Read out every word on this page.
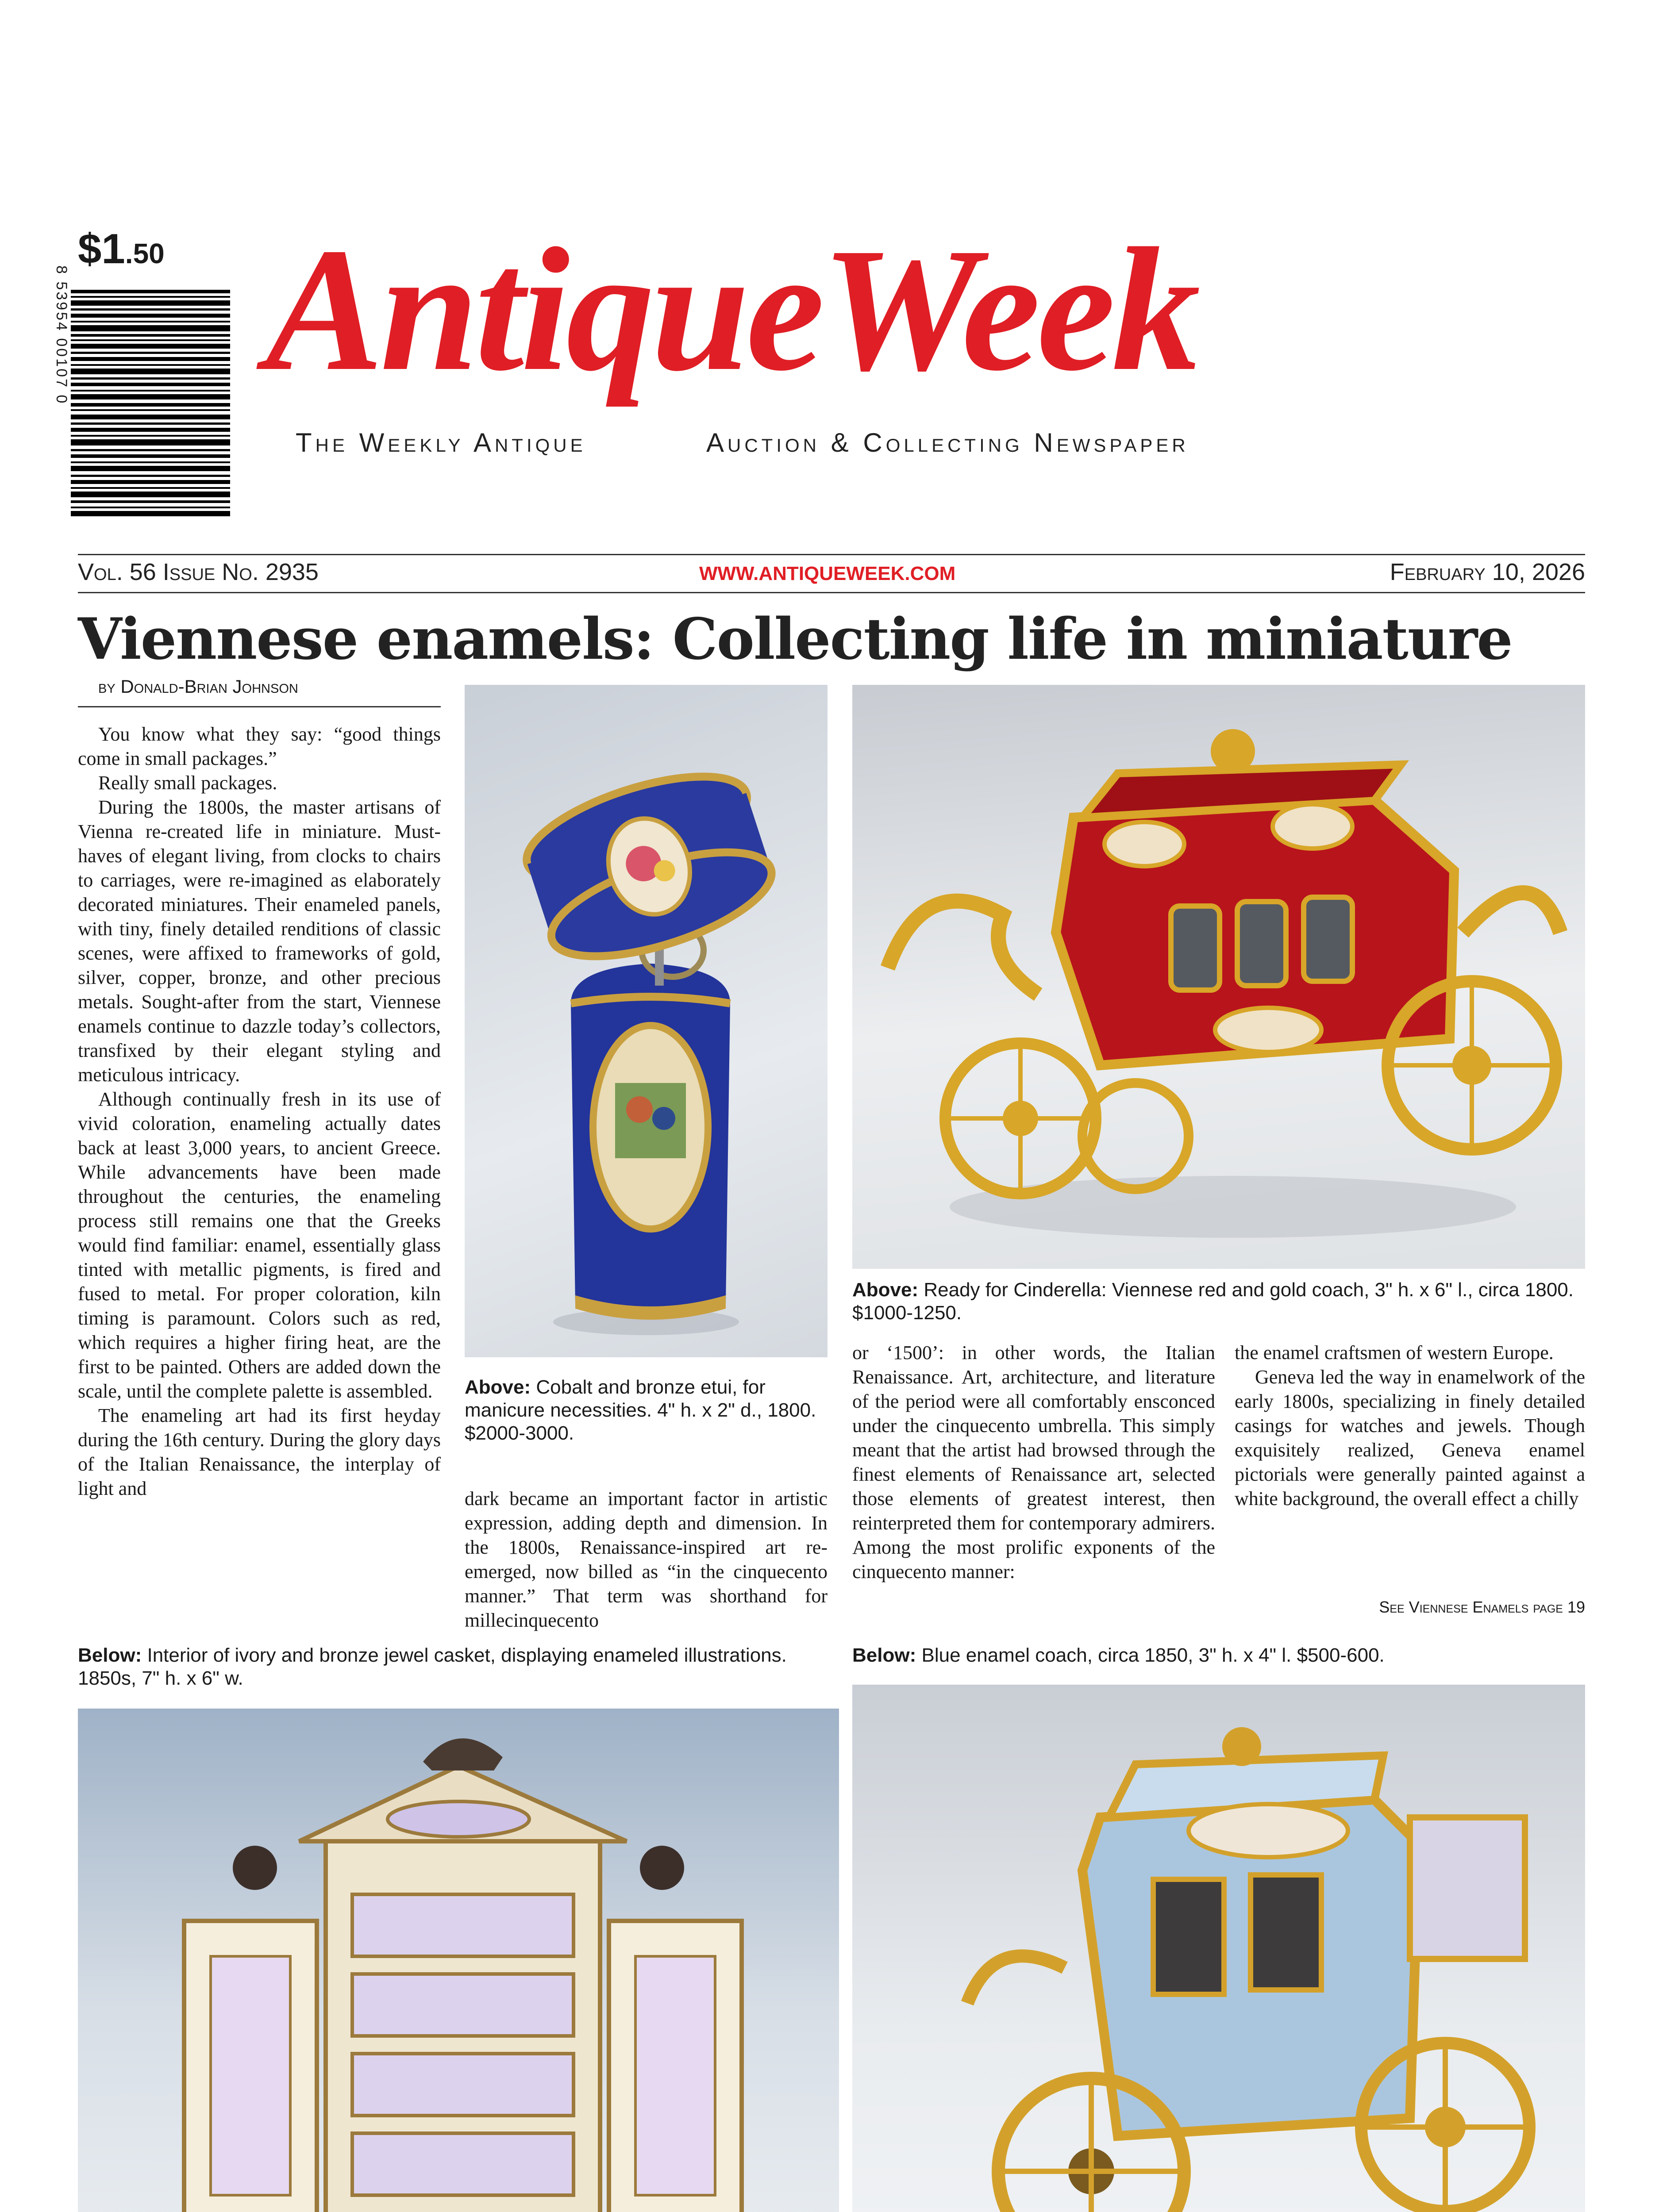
$1.50
8 53954 00107 0 AntiqueWeek
The Weekly Antique	Auction & Collecting Newspaper
Vol. 56 Issue No. 2935	WWW.ANTIQUEWEEK.COM	February 10, 2026
Viennese enamels: Collecting life in miniature
by Donald-Brian Johnson

You know what they say: “good things come in small packages.”

Really small packages.

During the 1800s, the master artisans of Vienna re-created life in miniature. Must-haves of elegant living, from clocks to chairs to carriages, were re-imagined as elaborately decorated miniatures. Their enameled panels, with tiny, finely detailed renditions of classic scenes, were affixed to frameworks of gold, silver, copper, bronze, and other precious metals. Sought-after from the start, Viennese enamels continue to dazzle today’s collectors, transfixed by their elegant styling and meticulous intricacy.

Although continually fresh in its use of vivid coloration, enameling actually dates back at least 3,000 years, to ancient Greece. While advancements have been made throughout the centuries, the enameling process still remains one that the Greeks would find familiar: enamel, essentially glass tinted with metallic pigments, is fired and fused to metal. For proper coloration, kiln timing is paramount. Colors such as red, which requires a higher firing heat, are the first to be painted. Others are added down the scale, until the complete palette is assembled.

The enameling art had its first heyday during the 16th century. During the glory days of the Italian Renaissance, the interplay of light and

Above: Cobalt and bronze etui, for manicure necessities. 4" h. x 2" d., 1800. $2000-3000.

dark became an important factor in artistic expression, adding depth and dimension. In the 1800s, Renaissance-inspired art re-emerged, now billed as “in the cinquecento manner.” That term was shorthand for millecinquecento

Above: Ready for Cinderella: Viennese red and gold coach, 3" h. x 6" l., circa 1800. $1000-1250.

or ‘1500’: in other words, the Italian Renaissance. Art, architecture, and literature of the period were all comfortably ensconced under the cinquecento umbrella. This simply meant that the artist had browsed through the finest elements of Renaissance art, selected those elements of greatest interest, then reinterpreted them for contemporary admirers. Among the most prolific exponents of the cinquecento manner:

the enamel craftsmen of western Europe.

Geneva led the way in enamelwork of the early 1800s, specializing in finely detailed casings for watches and jewels. Though exquisitely realized, Geneva enamel pictorials were generally painted against a white background, the overall effect a chilly

See Viennese Enamels page 19
Below: Interior of ivory and bronze jewel casket, displaying enameled illustrations. 1850s, 7" h. x 6" w.
Below: Blue enamel coach, circa 1850, 3" h. x 4" l. $500-600.
